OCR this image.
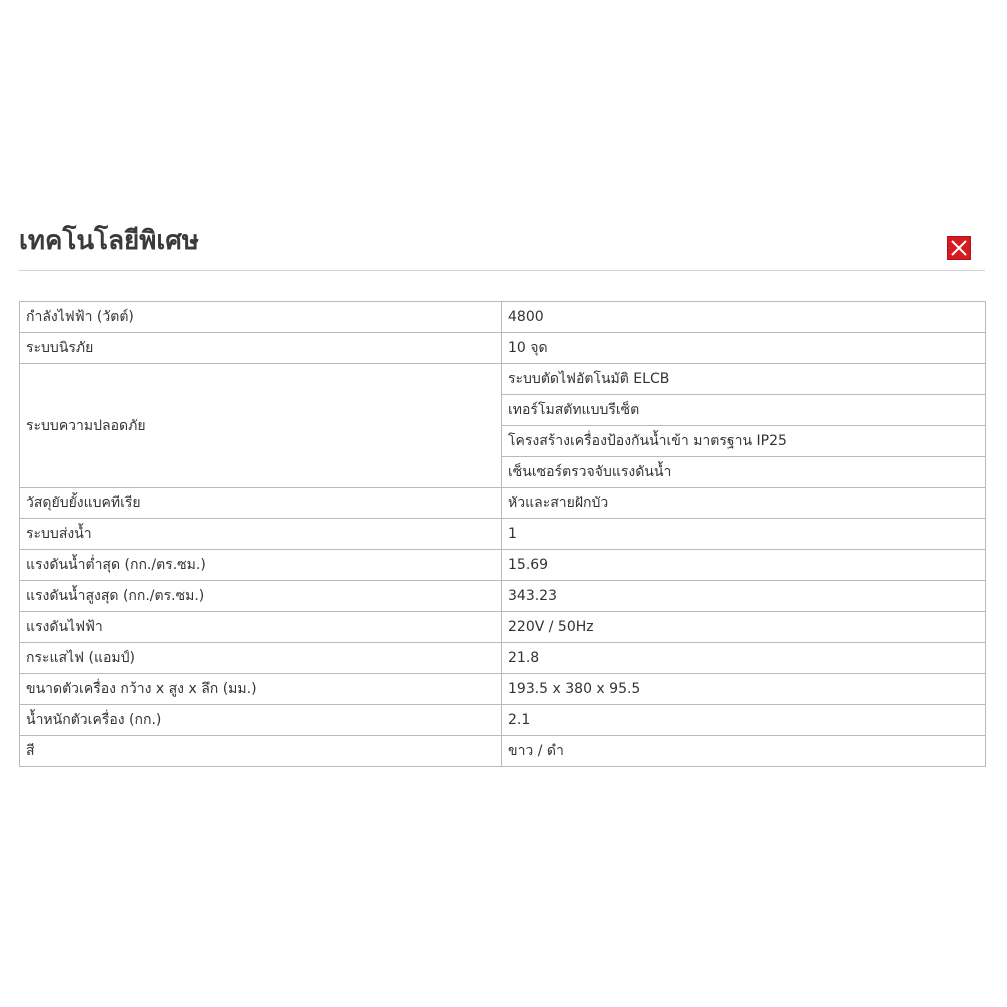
เทคโนโลยีพิเศษ
กำลังไฟฟ้า (วัตต์)	4800
ระบบนิรภัย	10 จุด
ระบบความปลอดภัย	ระบบตัดไฟอัตโนมัติ ELCB
	เทอร์โมสตัทแบบรีเซ็ต
	โครงสร้างเครื่องป้องกันน้ำเข้า มาตรฐาน IP25
	เซ็นเซอร์ตรวจจับแรงดันน้ำ
วัสดุยับยั้งแบคทีเรีย	หัวและสายฝักบัว
ระบบส่งน้ำ	1
แรงดันน้ำต่ำสุด (กก./ตร.ซม.)	15.69
แรงดันน้ำสูงสุด (กก./ตร.ซม.)	343.23
แรงดันไฟฟ้า	220V / 50Hz
กระแสไฟ (แอมป์)	21.8
ขนาดตัวเครื่อง กว้าง x สูง x ลึก (มม.)	193.5 x 380 x 95.5
น้ำหนักตัวเครื่อง (กก.)	2.1
สี	ขาว / ดำ
